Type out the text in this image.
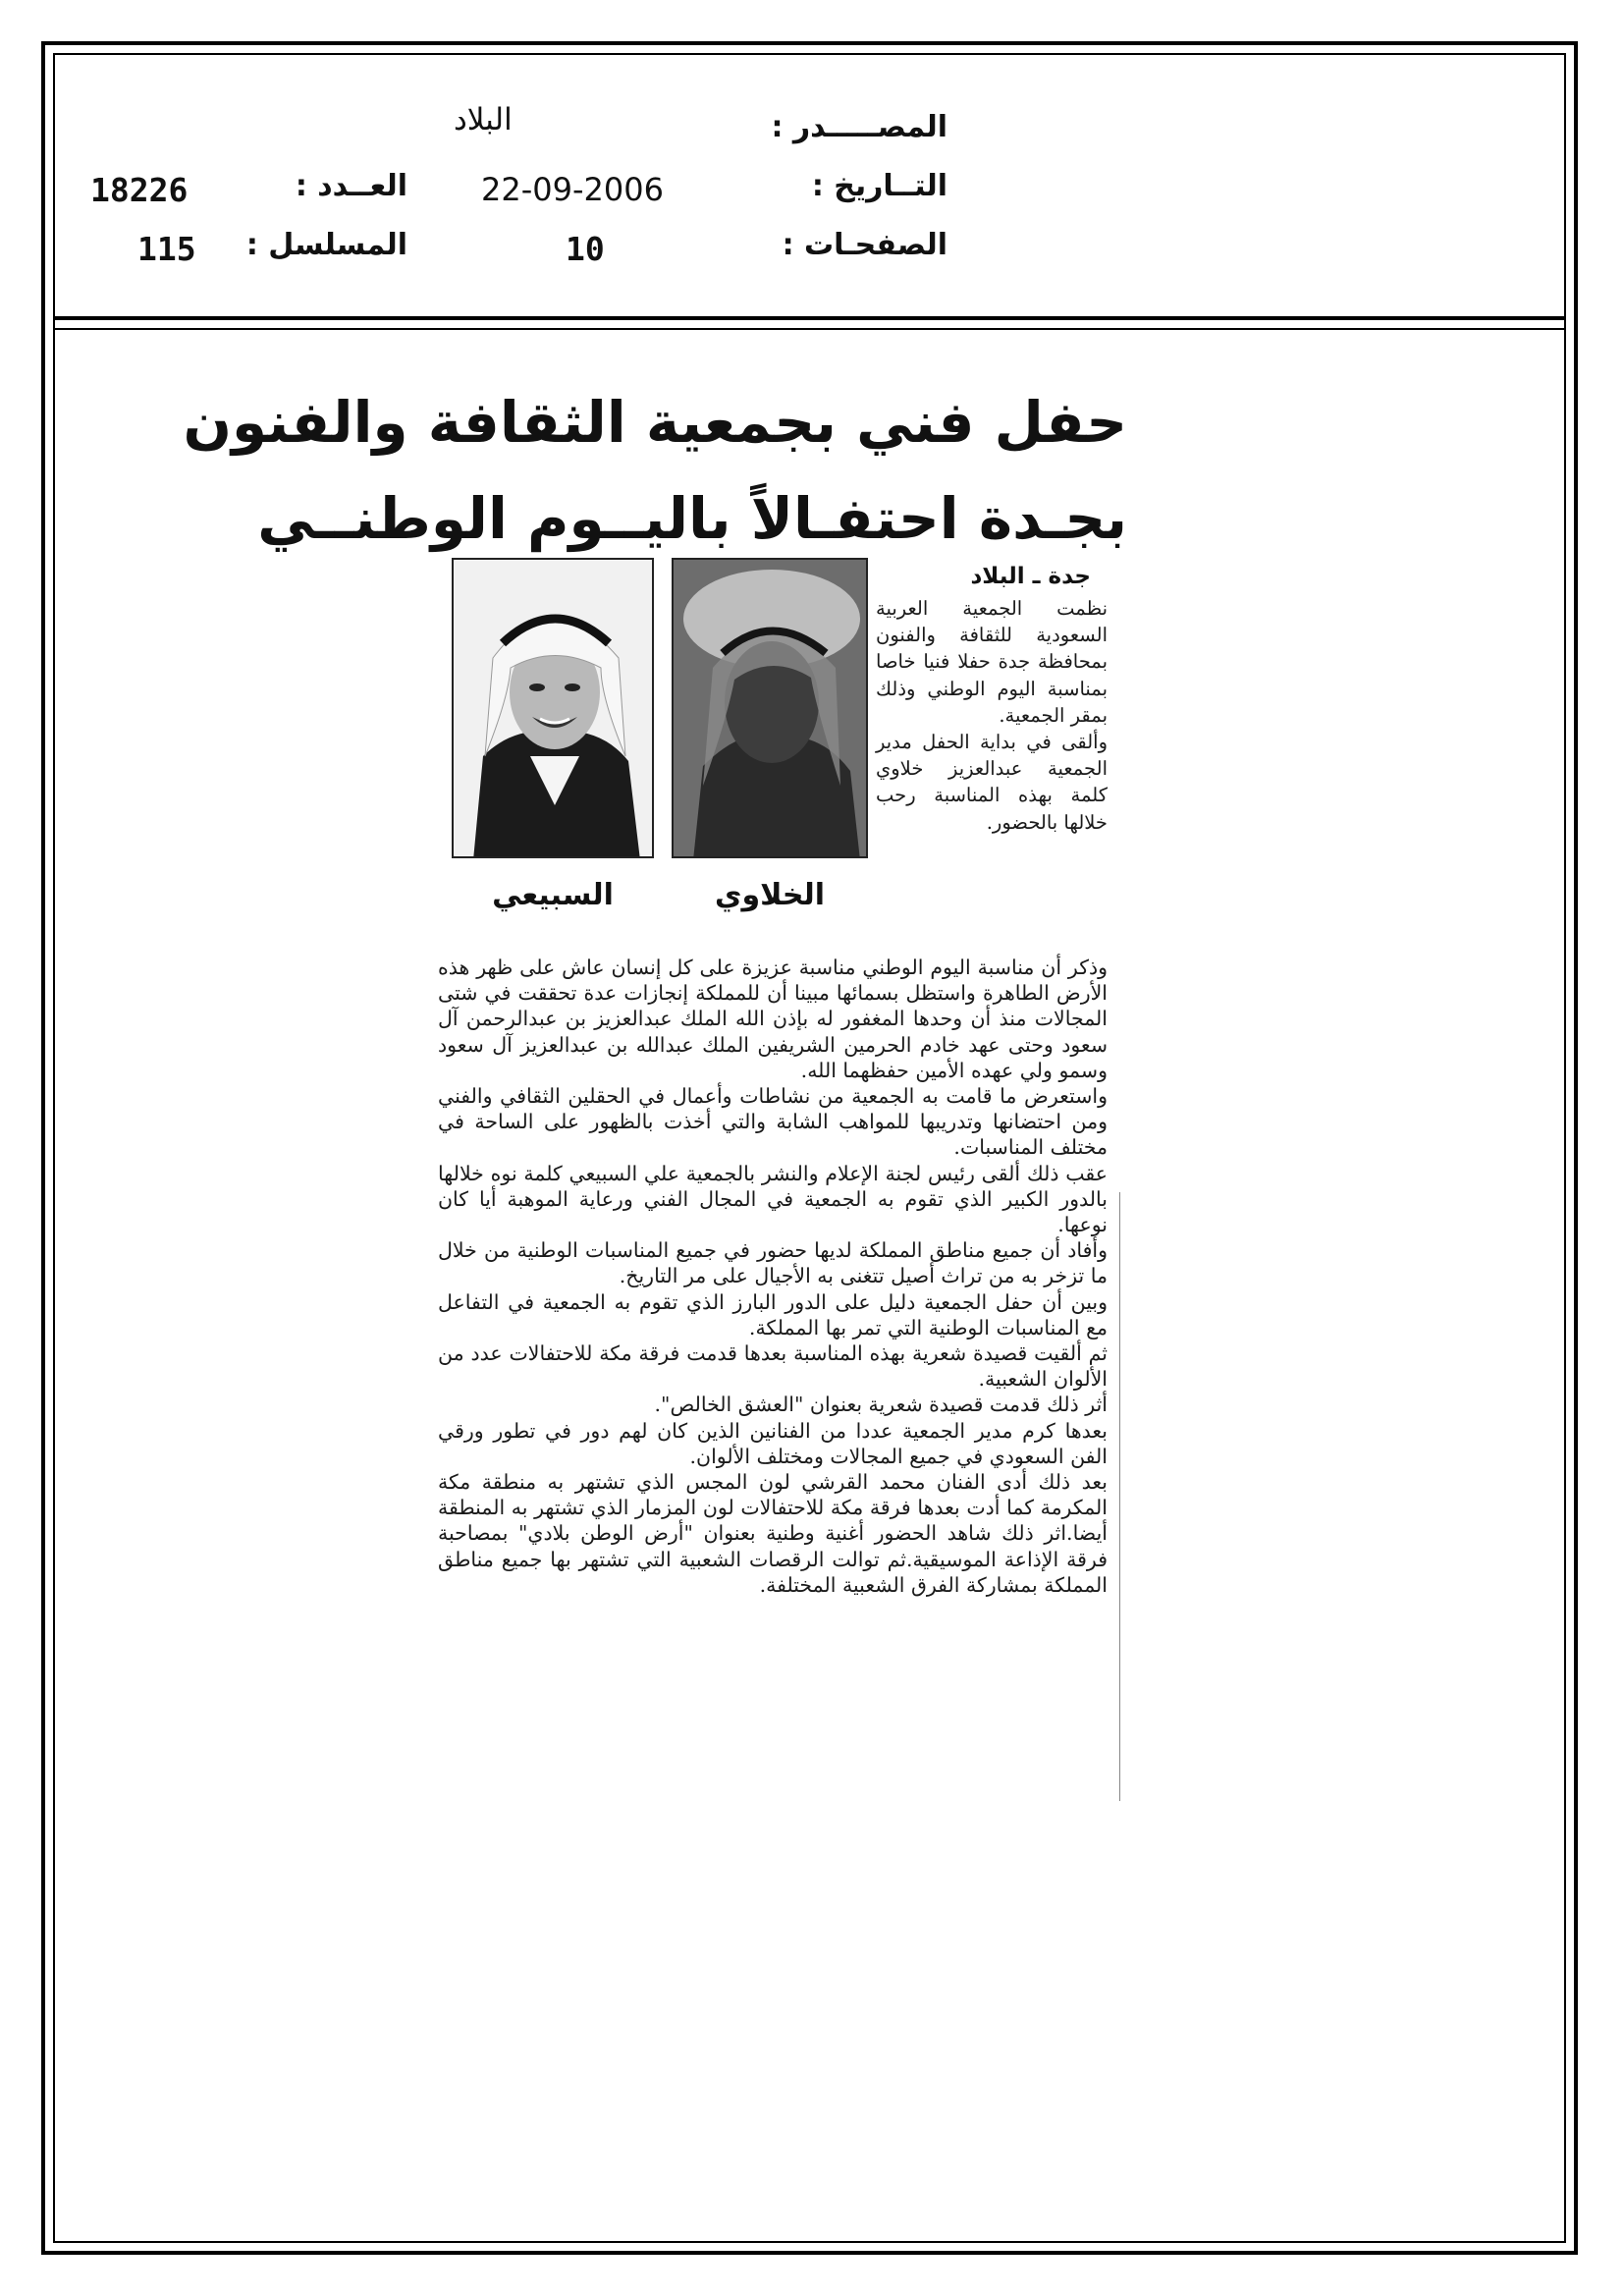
المصـــــدر :
البلاد
التــاريخ :
22-09-2006
العــدد :
18226
الصفحـات :
10
المسلسل :
115
حفل فني بجمعية الثقافة والفنون
بجـدة احتفـالاً باليــوم الوطنــي
السبيعي	الخلاوي
جدة ـ البلاد

نظمت الجمعية العربية السعودية للثقافة والفنون بمحافظة جدة حفلا فنيا خاصا بمناسبة اليوم الوطني وذلك بمقر الجمعية.

وألقى في بداية الحفل مدير الجمعية عبدالعزيز خلاوي كلمة بهذه المناسبة رحب خلالها بالحضور.

وذكر أن مناسبة اليوم الوطني مناسبة عزيزة على كل إنسان عاش على ظهر هذه الأرض الطاهرة واستظل بسمائها مبينا أن للمملكة إنجازات عدة تحققت في شتى المجالات منذ أن وحدها المغفور له بإذن الله الملك عبدالعزيز بن عبدالرحمن آل سعود وحتى عهد خادم الحرمين الشريفين الملك عبدالله بن عبدالعزيز آل سعود وسمو ولي عهده الأمين حفظهما الله.

واستعرض ما قامت به الجمعية من نشاطات وأعمال في الحقلين الثقافي والفني ومن احتضانها وتدريبها للمواهب الشابة والتي أخذت بالظهور على الساحة في مختلف المناسبات.

عقب ذلك ألقى رئيس لجنة الإعلام والنشر بالجمعية علي السبيعي كلمة نوه خلالها بالدور الكبير الذي تقوم به الجمعية في المجال الفني ورعاية الموهبة أيا كان نوعها.

وأفاد أن جميع مناطق المملكة لديها حضور في جميع المناسبات الوطنية من خلال ما تزخر به من تراث أصيل تتغنى به الأجيال على مر التاريخ.

وبين أن حفل الجمعية دليل على الدور البارز الذي تقوم به الجمعية في التفاعل مع المناسبات الوطنية التي تمر بها المملكة.

ثم ألقيت قصيدة شعرية بهذه المناسبة بعدها قدمت فرقة مكة للاحتفالات عدد من الألوان الشعبية.

أثر ذلك قدمت قصيدة شعرية بعنوان "العشق الخالص".

بعدها كرم مدير الجمعية عددا من الفنانين الذين كان لهم دور في تطور ورقي الفن السعودي في جميع المجالات ومختلف الألوان.

بعد ذلك أدى الفنان محمد القرشي لون المجس الذي تشتهر به منطقة مكة المكرمة كما أدت بعدها فرقة مكة للاحتفالات لون المزمار الذي تشتهر به المنطقة أيضا.اثر ذلك شاهد الحضور أغنية وطنية بعنوان "أرض الوطن بلادي" بمصاحبة فرقة الإذاعة الموسيقية.ثم توالت الرقصات الشعبية التي تشتهر بها جميع مناطق المملكة بمشاركة الفرق الشعبية المختلفة.
